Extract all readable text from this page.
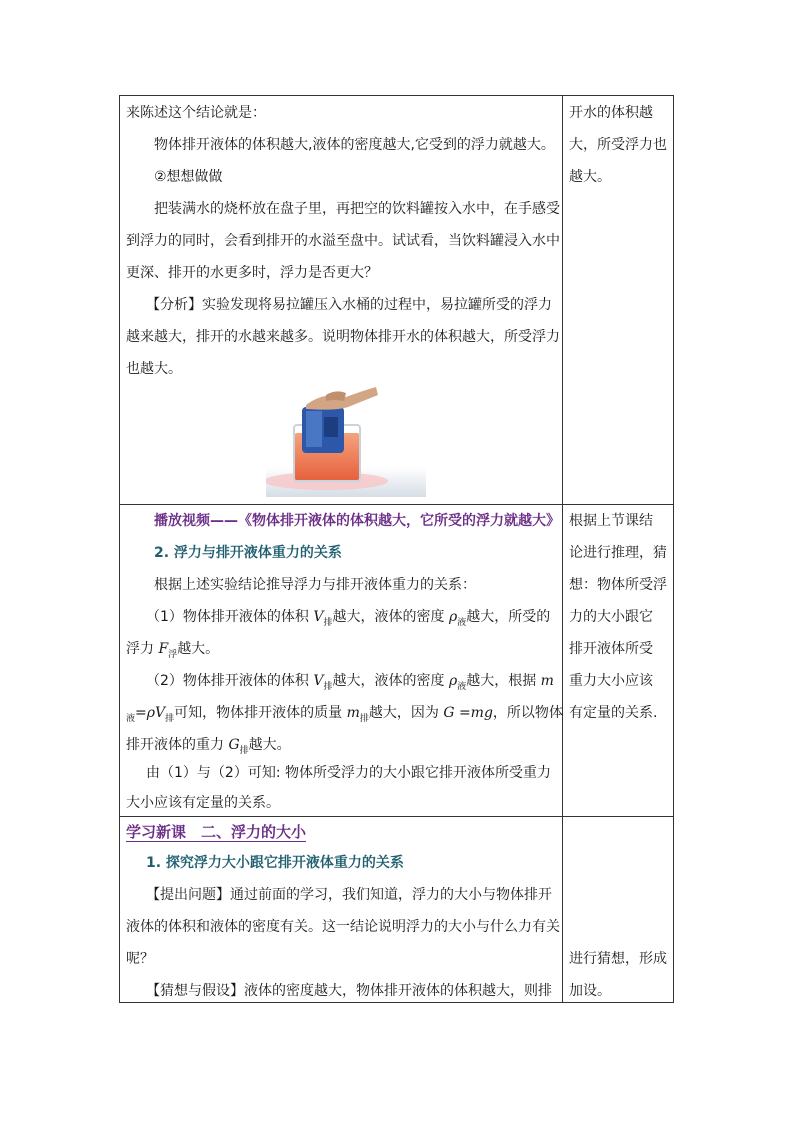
来陈述这个结论就是：
物体排开液体的体积越大,液体的密度越大,它受到的浮力就越大。
②想想做做
把装满水的烧杯放在盘子里，再把空的饮料罐按入水中，在手感受
到浮力的同时，会看到排开的水溢至盘中。试试看，当饮料罐浸入水中
更深、排开的水更多时，浮力是否更大？
【分析】实验发现将易拉罐压入水桶的过程中，易拉罐所受的浮力
越来越大，排开的水越来越多。说明物体排开水的体积越大，所受浮力
也越大。
播放视频——《物体排开液体的体积越大，它所受的浮力就越大》
2. 浮力与排开液体重力的关系
根据上述实验结论推导浮力与排开液体重力的关系：
（1）物体排开液体的体积 $V_排$越大，液体的密度 $\rho_液$越大，所受的
浮力 $F_浮$越大。
（2）物体排开液体的体积 $V_排$越大，液体的密度 $\rho_液$越大，根据 m
$_液=\rho V_排$可知，物体排开液体的质量 $m_排$越大，因为 G =mg，所以物体
排开液体的重力 $G_排$越大。
由（1）与（2）可知: 物体所受浮力的大小跟它排开液体所受重力
大小应该有定量的关系。
学习新课　二、浮力的大小
1. 探究浮力大小跟它排开液体重力的关系
【提出问题】通过前面的学习，我们知道，浮力的大小与物体排开
液体的体积和液体的密度有关。这一结论说明浮力的大小与什么力有关
呢？
【猜想与假设】液体的密度越大，物体排开液体的体积越大，则排
开水的体积越
大，所受浮力也
越大。
根据上节课结
论进行推理，猜
想：物体所受浮
力的大小跟它
排开液体所受
重力大小应该
有定量的关系.
进行猜想，形成
加设。
